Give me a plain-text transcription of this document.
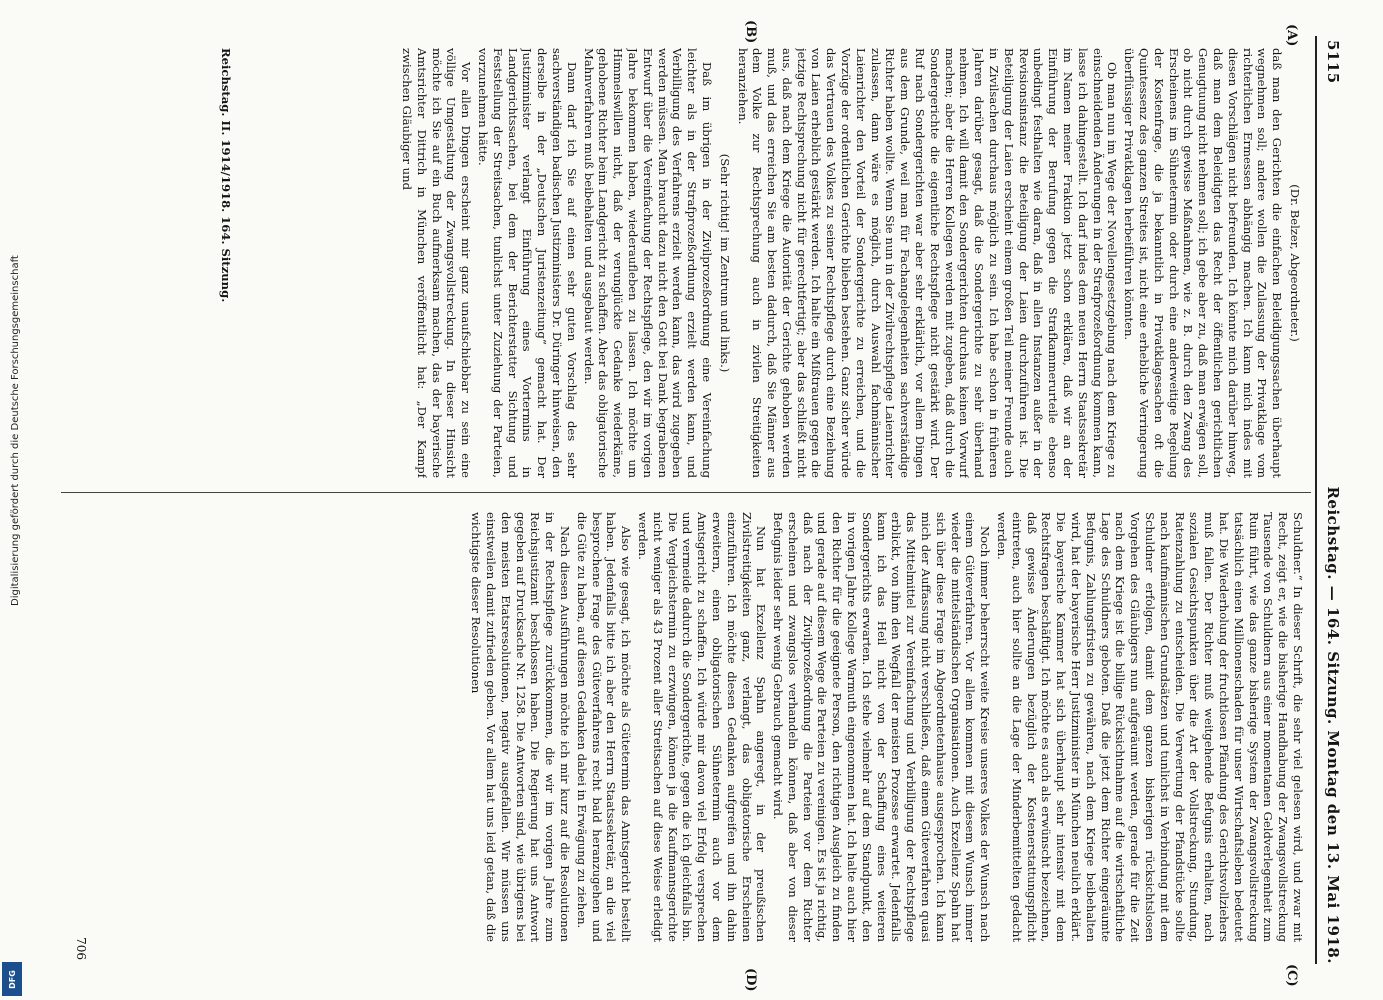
5115
Reichstag. — 164. Sitzung. Montag den 13. Mai 1918.
(A)
(B)
(C)
(D)

(Dr. Belzer, Abgeordneter.)

daß man den Gerichten die einfachen Beleidigungssachen überhaupt wegnehmen soll; andere wollen die Zulassung der Privatklage vom richterlichen Ermessen abhängig machen. Ich kann mich indes mit diesen Vorschlägen nicht befreunden. Ich könnte mich darüber hinweg, daß man dem Beleidigten das Recht der öffentlichen gerichtlichen Genugtuung nicht nehmen soll; ich gebe aber zu, daß man erwägen soll, ob nicht durch gewisse Maßnahmen, wie z. B. durch den Zwang des Erscheinens im Sühnetermin oder durch eine anderweitige Regelung der Kostenfrage, die ja bekanntlich in Privatklagesachen oft die Quintessenz des ganzen Streites ist, nicht eine erhebliche Verringerung überflüssiger Privatklagen herbeiführen könnten.

Ob man nun im Wege der Novellengesetzgebung nach dem Kriege zu einschneidenden Änderungen in der Strafprozeßordnung kommen kann, lasse ich dahingestellt. Ich darf indes dem neuen Herrn Staatssekretär im Namen meiner Fraktion jetzt schon erklären, daß wir an der Einführung der Berufung gegen die Strafkammerurteile ebenso unbedingt festhalten wie daran, daß in allen Instanzen außer in der Revisionsinstanz die Beteiligung der Laien durchzuführen ist. Die Beteiligung der Laien erscheint einem großen Teil meiner Freunde auch in Zivilsachen durchaus möglich zu sein. Ich habe schon in früheren Jahren darüber gesagt, daß die Sondergerichte zu sehr überhand nehmen. Ich will damit den Sondergerichten durchaus keinen Vorwurf machen; aber die Herren Kollegen werden mit zugeben, daß durch die Sondergerichte die eigentliche Rechtspflege nicht gestärkt wird. Der Ruf nach Sondergerichten war aber sehr erklärlich, vor allem Dingen aus dem Grunde, weil man für Fachangelegenheiten sachverständige Richter haben wollte. Wenn Sie nun in der Zivilrechtspflege Laienrichter zulassen, dann wäre es möglich, durch Auswahl fachmännischer Laienrichter den Vorteil der Sondergerichte zu erreichen, und die Vorzüge der ordentlichen Gerichte blieben bestehen. Ganz sicher würde das Vertrauen des Volkes zu seiner Rechtspflege durch eine Beziehung von Laien erheblich gestärkt werden. Ich halte ein Mißtrauen gegen die jetzige Rechtsprechung nicht für gerechtfertigt; aber das schließt nicht aus, daß nach dem Kriege die Autorität der Gerichte gehoben werden muß, und das erreichen Sie am besten dadurch, daß Sie Männer aus dem Volke zur Rechtsprechung auch in zivilen Streitigkeiten heranziehen.

(Sehr richtig! im Zentrum und links.)

Daß im übrigen in der Zivilprozeßordnung eine Vereinfachung leichter als in der Strafprozeßordnung erzielt werden kann, und Verbilligung des Verfahrens erzielt werden kann, das wird zugegeben werden müssen. Man braucht dazu nicht den Gott bei Dank begrabenen Entwurf über die Vereinfachung der Rechtspflege, den wir im vorigen Jahre bekommen haben, wiederaufleben zu lassen. Ich möchte um Himmelswillen nicht, daß der verunglückte Gedanke wiederkäme, gehobene Richter beim Landgericht zu schaffen. Aber das obligatorische Mahnverfahren muß beibehalten und ausgebaut werden.

Dann darf ich Sie auf einen sehr guten Vorschlag des sehr sachverständigen badischen Justizministers Dr. Düringer hinweisen, den derselbe in der „Deutschen Juristenzeitung“ gemacht hat. Der Justizminister verlangt Einführung eines Vortermins in Landgerichtssachen, bei dem der Berichterstatter Sichtung und Feststellung der Streitsachen, tunlichst unter Zuziehung der Parteien, vorzunehmen hätte.

Vor allen Dingen erscheint mir ganz unaufschiebbar zu sein eine völlige Umgestaltung der Zwangsvollstreckung. In dieser Hinsicht möchte ich Sie auf ein Buch aufmerksam machen, das der bayerische Amtsrichter Dittrich in München veröffentlicht hat: „Der Kampf zwischen Gläubiger und

Schuldner.“ In dieser Schrift, die sehr viel gelesen wird, und zwar mit Recht, zeigt er, wie die bisherige Handhabung der Zwangsvollstreckung Tausende von Schuldnern aus einer momentanen Geldverlegenheit zum Ruin führt, wie das ganze bisherige System der Zwangsvollstreckung tatsächlich einen Millionenschaden für unser Wirtschaftsleben bedeutet hat. Die Wiederholung der fruchtlosen Pfändung des Gerichtsvollziehers muß fallen. Der Richter muß weitgehende Befugnis erhalten, nach sozialen Gesichtspunkten über die Art der Vollstreckung, Stundung, Ratenzahlung zu entscheiden. Die Verwertung der Pfandstücke sollte nach kaufmännischen Grundsätzen und tunlichst in Verbindung mit dem Schuldner erfolgen, damit dem ganzen bisherigen rücksichtslosen Vorgehen des Gläubigers nun aufgeräumt werden, gerade für die Zeit nach dem Kriege ist die billige Rücksichtnahme auf die wirtschaftliche Lage des Schuldners geboten. Daß die jetzt dem Richter eingeräumte Befugnis, Zahlungsfristen zu gewähren, nach dem Kriege beibehalten wird, hat der bayerische Herr Justizminister in München neulich erklärt. Die bayerische Kammer hat sich überhaupt sehr intensiv mit dem Rechtsfragen beschäftigt. Ich möchte es auch als erwünscht bezeichnen, daß gewisse Änderungen bezüglich der Kostenerstattungspflicht eintreten, auch hier sollte an die Lage der Minderbemittelten gedacht werden.

Noch immer beherrscht weite Kreise unseres Volkes der Wunsch nach einem Güteverfahren. Vor allem kommen mit diesem Wunsch immer wieder die mittelständischen Organisationen. Auch Exzellenz Spahn hat sich über diese Frage im Abgeordnetenhause ausgesprochen. Ich kann mich der Auffassung nicht verschließen, daß einem Güteverfahren quasi das Mittelmittel zur Vereinfachung und Verbilligung der Rechtspflege erblickt, von ihm den Wegfall der meisten Prozesse erwartet. Jedenfalls kann ich das Heil nicht von der Schaffung eines weiteren Sondergerichts erwarten. Ich stehe vielmehr auf dem Standpunkt, den in vorigen Jahre Kollege Warmuth eingenommen hat. Ich halte auch hier den Richter für die geeignete Person, den richtigen Ausgleich zu finden und gerade auf diesem Wege die Parteien zu vereinigen. Es ist ja richtig, daß nach der Zivilprozeßordnung die Parteien vor dem Richter erscheinen und zwangslos verhandeln können, daß aber von dieser Befugnis leider sehr wenig Gebrauch gemacht wird.

Nun hat Exzellenz Spahn angeregt, in der preußischen Zivilstreitigkeiten ganz, verlangt, das obligatorische Erscheinen einzuführen. Ich möchte diesen Gedanken aufgreifen und ihn dahin erweitern, einen obligatorischen Sühnetermin auch vor dem Amtsgericht zu schaffen. Ich würde mir davon viel Erfolg versprechen und vermeide dadurch die Sondergerichte, gegen die ich gleichfalls bin. Die Vergleichstermin zu erzwingen, können ja die Kaufmannsgerichte nicht weniger als 43 Prozent aller Streitsachen auf diese Weise erledigt werden.

Also wie gesagt, ich möchte als Gütetermin das Amtsgericht bestellt haben. Jedenfalls bitte ich aber den Herrn Staatssekretär, an die viel besprochene Frage des Güteverfahrens recht bald heranzugehen und die Güte zu haben, auf diesen Gedanken dabei in Erwägung zu ziehen.

Nach diesen Ausführungen möchte ich mir kurz auf die Resolutionen in der Rechtspflege zurückkommen, die wir im vorigen Jahre zum Reichsjustizamt beschlossen haben. Die Regierung hat uns Antwort gegeben auf Drucksache Nr. 1258. Die Antworten sind, wie übrigens bei den meisten Etatsresolutionen, negativ ausgefallen. Wir müssen uns einstweilen damit zufrieden geben. Vor allem hat uns leid getan, daß die wichtigste dieser Resolutionen

Reichstag. II. 1914/1918. 164. Sitzung.
706
Digitalisierung gefördert durch die Deutsche Forschungsgemeinschaft
DFG
